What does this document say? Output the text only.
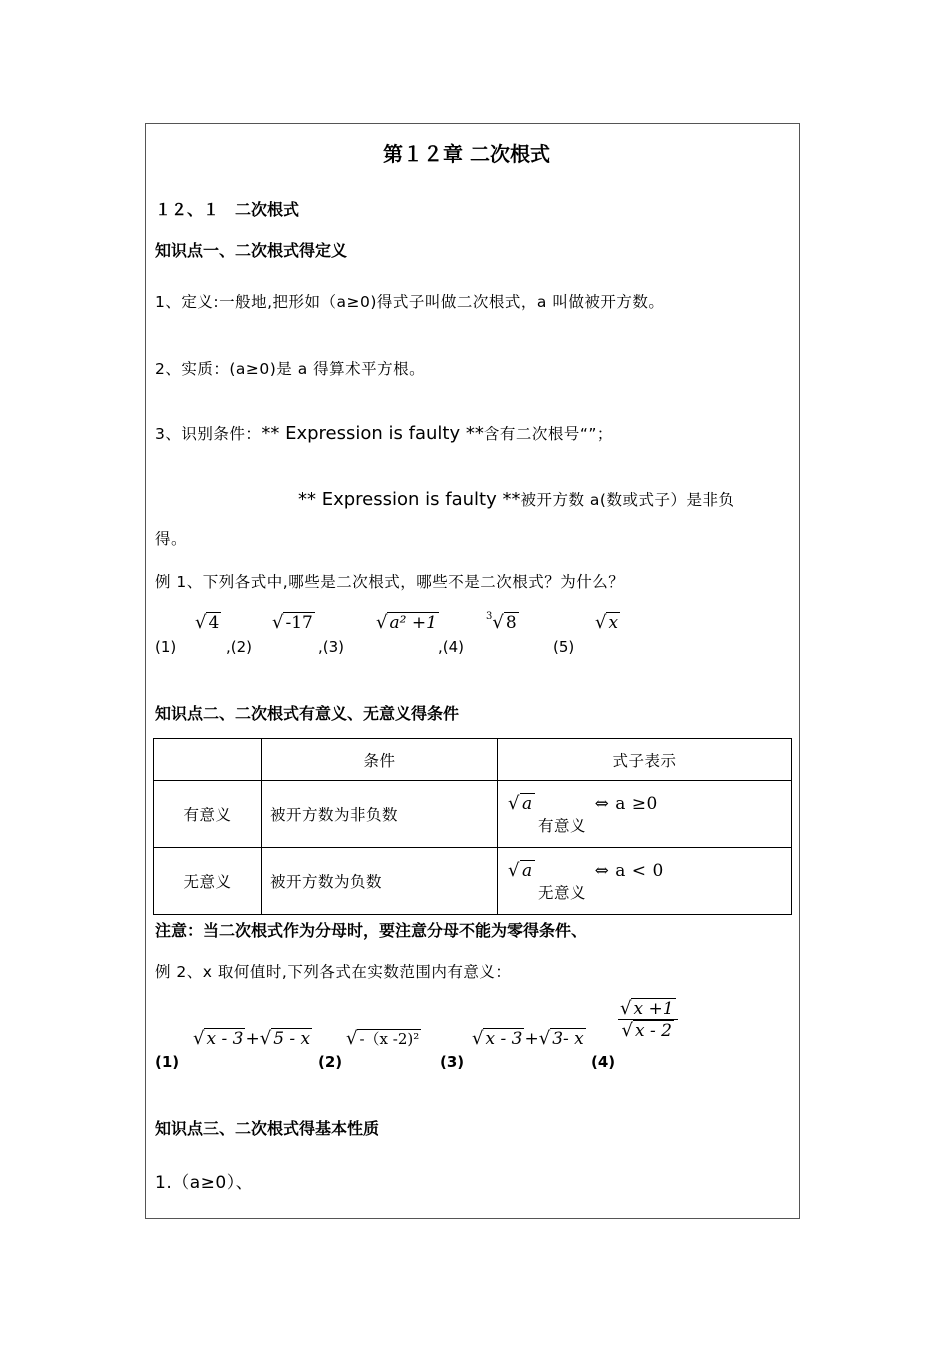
第１２章 二次根式
１２、１　二次根式
知识点一、二次根式得定义
1、定义:一般地,把形如（a≥0)得式子叫做二次根式，a 叫做被开方数。
2、实质：(a≥0)是 a 得算术平方根。
3、识别条件：** Expression is faulty **含有二次根号“”；
** Expression is faulty **被开方数 a(数或式子）是非负
得。
例 1、下列各式中,哪些是二次根式，哪些不是二次根式？为什么？
√ 4	√ -17	√ a² +1	$^3$√ 8	√ x
(1)	,(2)	,(3)	,(4)	(5)
知识点二、二次根式有意义、无意义得条件
	条件	式子表示
有意义	被开方数为非负数	√ a ⇔ a ≥0
有意义

无意义	被开方数为负数	√ a ⇔ a < 0
无意义
注意：当二次根式作为分母时，要注意分母不能为零得条件、
例 2、x 取何值时,下列各式在实数范围内有意义：
√ x - 3 +√ 5 - x √ -（x -2)²	√ x - 3 +√ 3- x $\frac{√ x +1}{√ x - 2}$
(1)	(2)	(3)	(4)
知识点三、二次根式得基本性质
1.（a≥0）、
